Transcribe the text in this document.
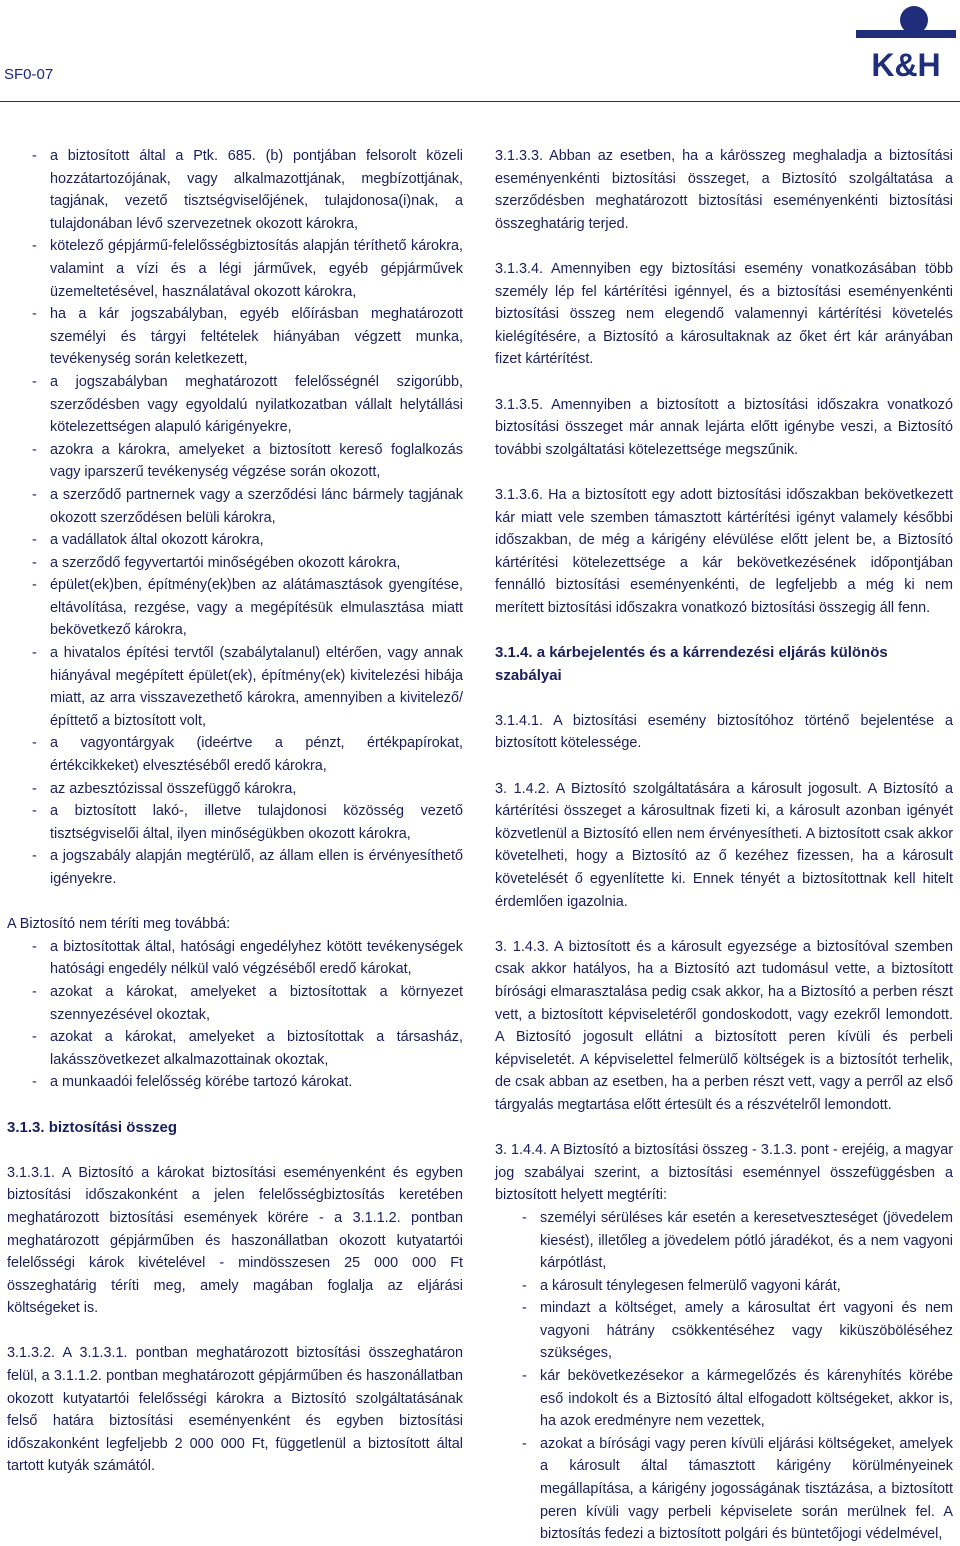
SF0-07	K&H
- a biztosított által a Ptk. 685. (b) pontjában felsorolt közeli hozzátartozójának, vagy alkalmazottjának, megbízottjának, tagjának, vezető tisztségviselőjének, tulajdonosa(i)nak, a tulajdonában lévő szervezetnek okozott károkra,
- kötelező gépjármű-felelősségbiztosítás alapján téríthető károkra, valamint a vízi és a légi járművek, egyéb gépjárművek üzemeltetésével, használatával okozott károkra,
- ha a kár jogszabályban, egyéb előírásban meghatározott személyi és tárgyi feltételek hiányában végzett munka, tevékenység során keletkezett,
- a jogszabályban meghatározott felelősségnél szigorúbb, szerződésben vagy egyoldalú nyilatkozatban vállalt helytállási kötelezettségen alapuló kárigényekre,
- azokra a károkra, amelyeket a biztosított kereső foglalkozás vagy iparszerű tevékenység végzése során okozott,
- a szerződő partnernek vagy a szerződési lánc bármely tagjának okozott szerződésen belüli károkra,
- a vadállatok által okozott károkra,
- a szerződő fegyvertartói minőségében okozott károkra,
- épület(ek)ben, építmény(ek)ben az alátámasztások gyengítése, eltávolítása, rezgése, vagy a megépítésük elmulasztása miatt bekövetkező károkra,
- a hivatalos építési tervtől (szabálytalanul) eltérően, vagy annak hiányával megépített épület(ek), építmény(ek) kivitelezési hibája miatt, az arra visszavezethető károkra, amennyiben a kivitelező/építtető a biztosított volt,
- a vagyontárgyak (ideértve a pénzt, értékpapírokat, értékcikkeket) elvesztéséből eredő károkra,
- az azbesztózissal összefüggő károkra,
- a biztosított lakó-, illetve tulajdonosi közösség vezető tisztségviselői által, ilyen minőségükben okozott károkra,
- a jogszabály alapján megtérülő, az állam ellen is érvényesíthető igényekre.

A Biztosító nem téríti meg továbbá:

- a biztosítottak által, hatósági engedélyhez kötött tevékenységek hatósági engedély nélkül való végzéséből eredő károkat,
- azokat a károkat, amelyeket a biztosítottak a környezet szennyezésével okoztak,
- azokat a károkat, amelyeket a biztosítottak a társasház, lakásszövetkezet alkalmazottainak okoztak,
- a munkaadói felelősség körébe tartozó károkat.
3.1.3. biztosítási összeg

3.1.3.1. A Biztosító a károkat biztosítási eseményenként és egyben biztosítási időszakonként a jelen felelősségbiztosítás keretében meghatározott biztosítási események körére - a 3.1.1.2. pontban meghatározott gépjárműben és haszonállatban okozott kutyatartói felelősségi károk kivételével - mindösszesen 25 000 000 Ft összeghatárig téríti meg, amely magában foglalja az eljárási költségeket is.

3.1.3.2. A 3.1.3.1. pontban meghatározott biztosítási összeghatáron felül, a 3.1.1.2. pontban meghatározott gépjárműben és haszonállatban okozott kutyatartói felelősségi károkra a Biztosító szolgáltatásának felső határa biztosítási eseményenként és egyben biztosítási időszakonként legfeljebb 2 000 000 Ft, függetlenül a biztosított által tartott kutyák számától.

3.1.3.3. Abban az esetben, ha a kárösszeg meghaladja a biztosítási eseményenkénti biztosítási összeget, a Biztosító szolgáltatása a szerződésben meghatározott biztosítási eseményenkénti biztosítási összeghatárig terjed.

3.1.3.4. Amennyiben egy biztosítási esemény vonatkozásában több személy lép fel kártérítési igénnyel, és a biztosítási eseményenkénti biztosítási összeg nem elegendő valamennyi kártérítési követelés kielégítésére, a Biztosító a károsultaknak az őket ért kár arányában fizet kártérítést.

3.1.3.5. Amennyiben a biztosított a biztosítási időszakra vonatkozó biztosítási összeget már annak lejárta előtt igénybe veszi, a Biztosító további szolgáltatási kötelezettsége megszűnik.

3.1.3.6. Ha a biztosított egy adott biztosítási időszakban bekövetkezett kár miatt vele szemben támasztott kártérítési igényt valamely későbbi időszakban, de még a kárigény elévülése előtt jelent be, a Biztosító kártérítési kötelezettsége a kár bekövetkezésének időpontjában fennálló biztosítási eseményenkénti, de legfeljebb a még ki nem merített biztosítási időszakra vonatkozó biztosítási összegig áll fenn.

3.1.4. a kárbejelentés és a kárrendezési eljárás különös szabályai

3.1.4.1. A biztosítási esemény biztosítóhoz történő bejelentése a biztosított kötelessége.

3. 1.4.2. A Biztosító szolgáltatására a károsult jogosult. A Biztosító a kártérítési összeget a károsultnak fizeti ki, a károsult azonban igényét közvetlenül a Biztosító ellen nem érvényesítheti. A biztosított csak akkor követelheti, hogy a Biztosító az ő kezéhez fizessen, ha a károsult követelését ő egyenlítette ki. Ennek tényét a biztosítottnak kell hitelt érdemlően igazolnia.

3. 1.4.3. A biztosított és a károsult egyezsége a biztosítóval szemben csak akkor hatályos, ha a Biztosító azt tudomásul vette, a biztosított bírósági elmarasztalása pedig csak akkor, ha a Biztosító a perben részt vett, a biztosított képviseletéről gondoskodott, vagy ezekről lemondott. A Biztosító jogosult ellátni a biztosított peren kívüli és perbeli képviseletét. A képviselettel felmerülő költségek is a biztosítót terhelik, de csak abban az esetben, ha a perben részt vett, vagy a perről az első tárgyalás megtartása előtt értesült és a részvételről lemondott.

3. 1.4.4. A Biztosító a biztosítási összeg - 3.1.3. pont - erejéig, a magyar jog szabályai szerint, a biztosítási eseménnyel összefüggésben a biztosított helyett megtéríti:

- személyi sérüléses kár esetén a keresetveszteséget (jövedelem kiesést), illetőleg a jövedelem pótló járadékot, és a nem vagyoni kárpótlást,
- a károsult ténylegesen felmerülő vagyoni kárát,
- mindazt a költséget, amely a károsultat ért vagyoni és nem vagyoni hátrány csökkentéséhez vagy kiküszöböléséhez szükséges,
- kár bekövetkezésekor a kármegelőzés és kárenyhítés körébe eső indokolt és a Biztosító által elfogadott költségeket, akkor is, ha azok eredményre nem vezettek,
- azokat a bírósági vagy peren kívüli eljárási költségeket, amelyek a károsult által támasztott kárigény körülményeinek megállapítása, a kárigény jogosságának tisztázása, a biztosított peren kívüli vagy perbeli képviselete során merülnek fel. A biztosítás fedezi a biztosított polgári és büntetőjogi védelmével,
